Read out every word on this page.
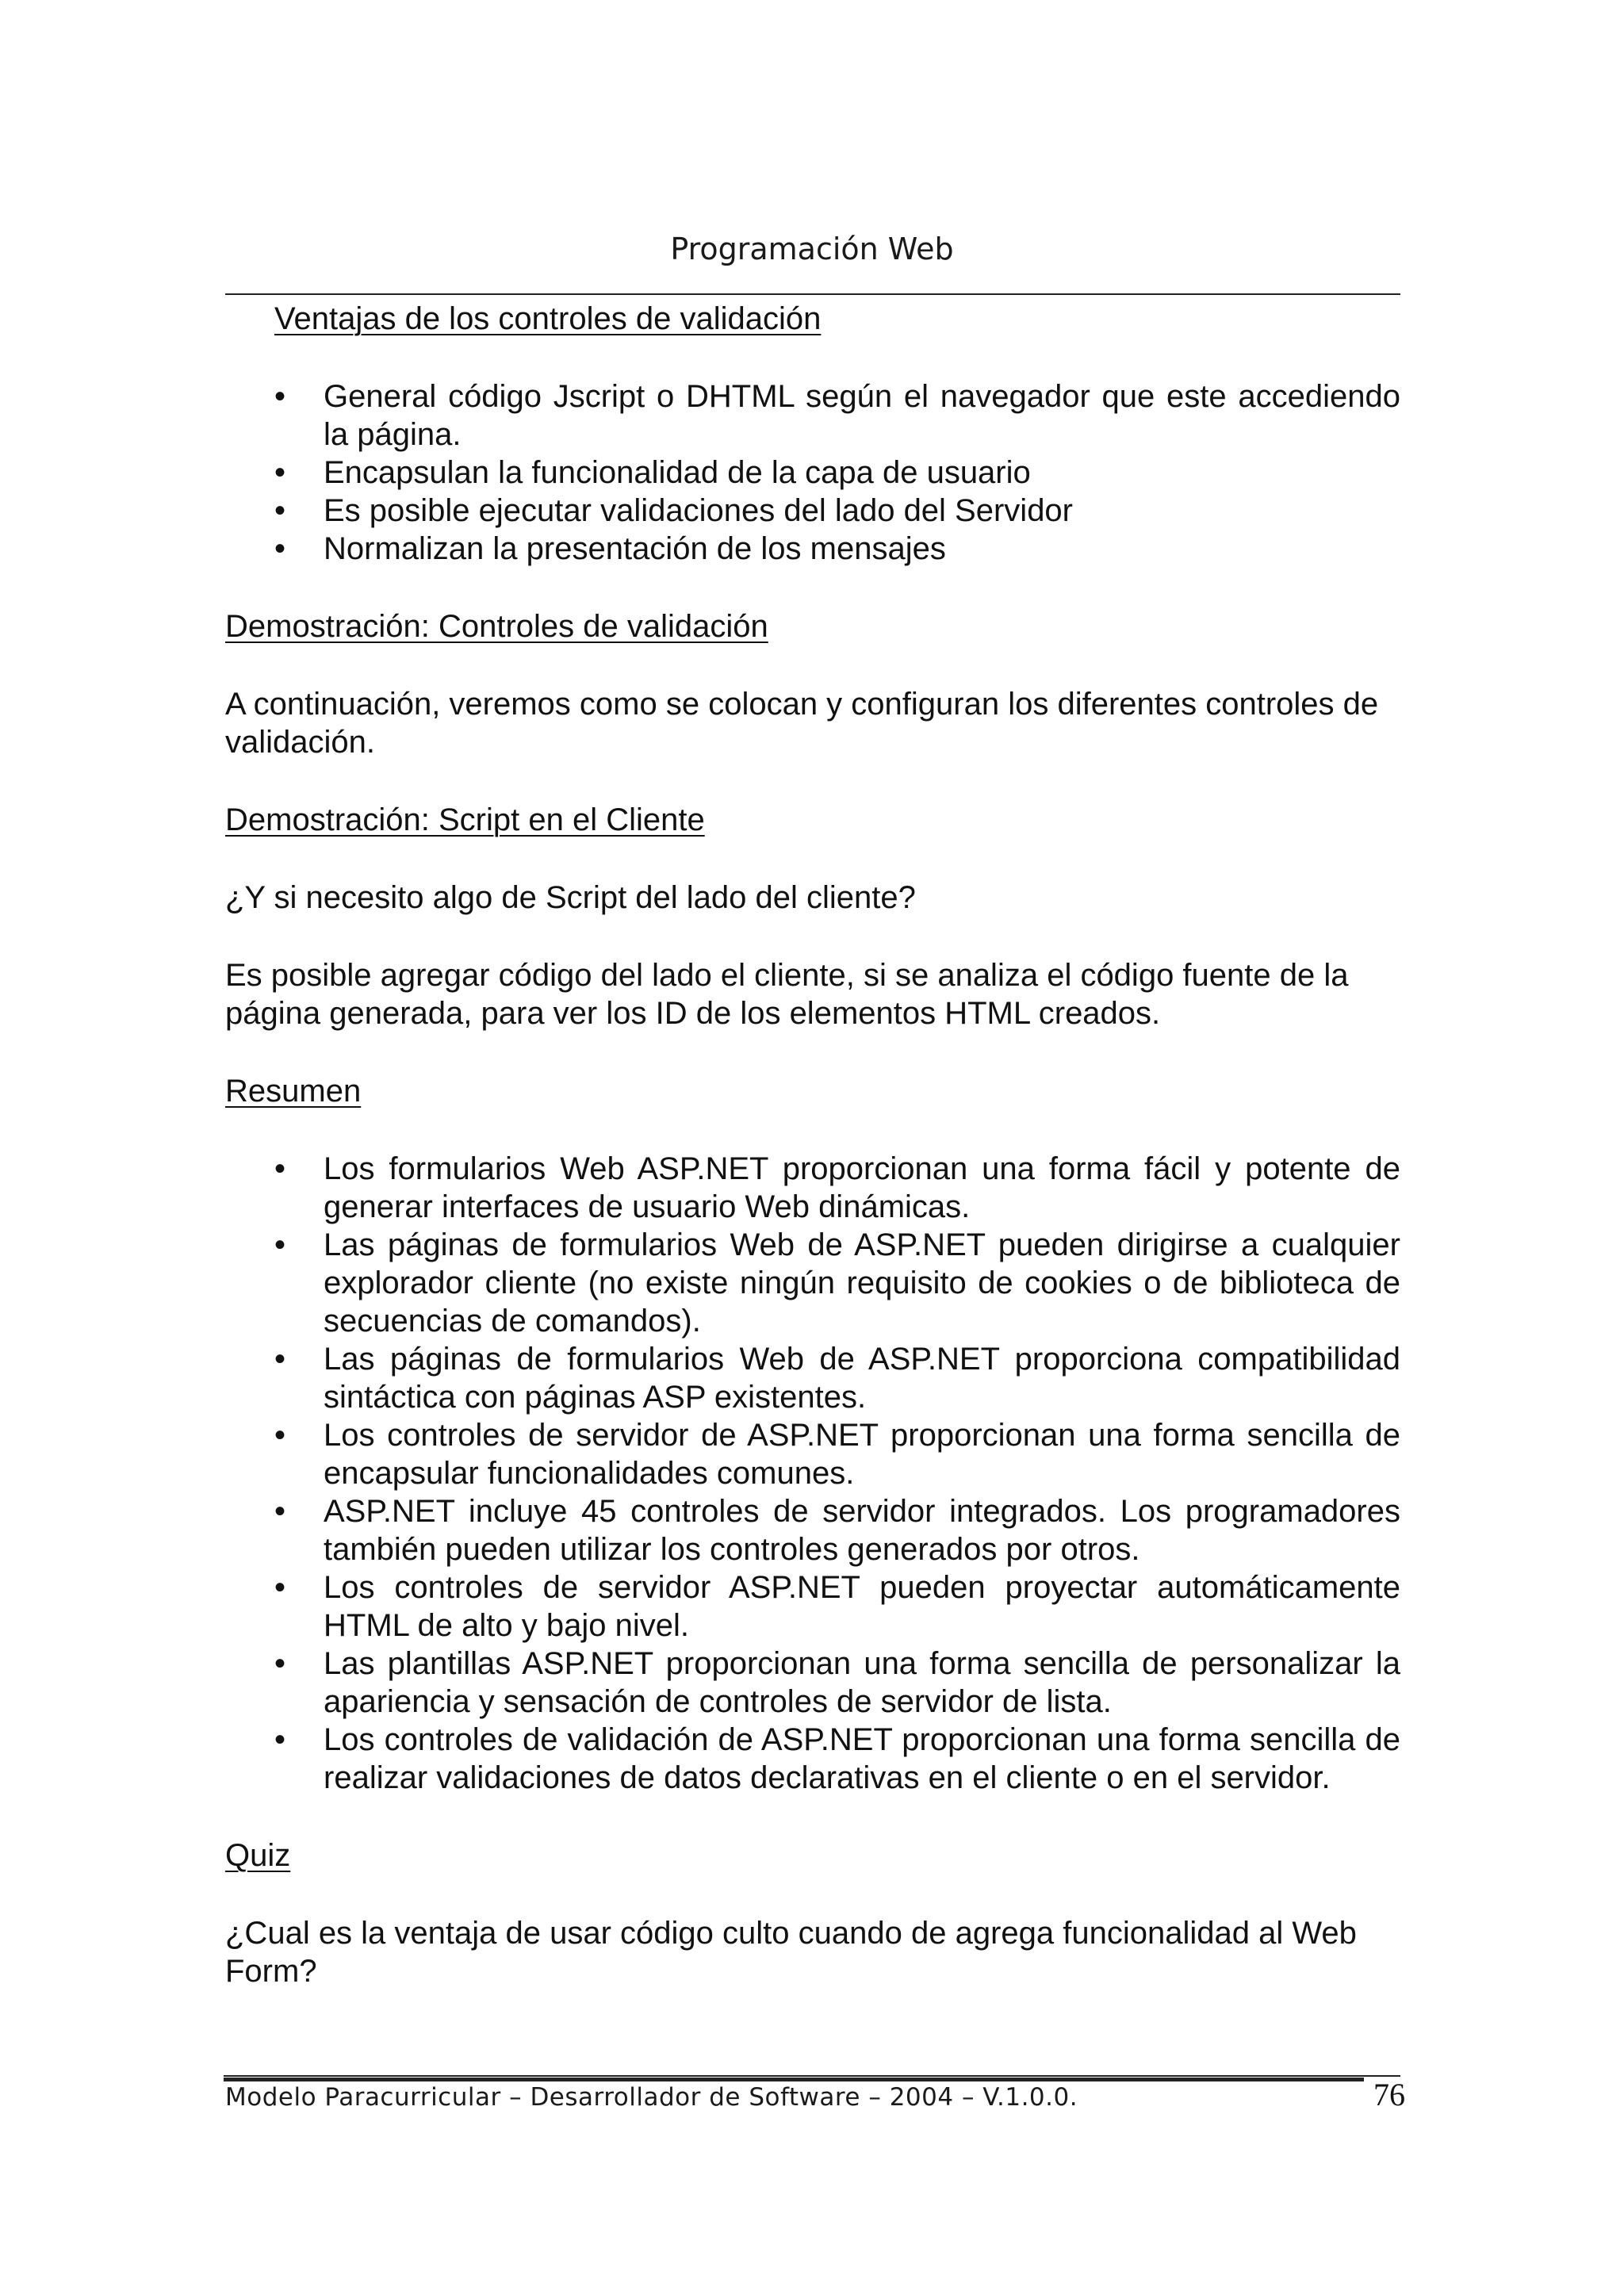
Programación Web
Ventajas de los controles de validación
•	General código Jscript o DHTML según el navegador que este accediendo la página.
•	Encapsulan la funcionalidad de la capa de usuario
•	Es posible ejecutar validaciones del lado del Servidor
•	Normalizan la presentación de los mensajes
Demostración: Controles de validación

A continuación, veremos como se colocan y configuran los diferentes controles de validación.

Demostración: Script en el Cliente

¿Y si necesito algo de Script del lado del cliente?

Es posible agregar código del lado el cliente, si se analiza el código fuente de la página generada, para ver los ID de los elementos HTML creados.

Resumen
•	Los formularios Web ASP.NET proporcionan una forma fácil y potente de generar interfaces de usuario Web dinámicas.
•	Las páginas de formularios Web de ASP.NET pueden dirigirse a cualquier explorador cliente (no existe ningún requisito de cookies o de biblioteca de secuencias de comandos).
•	Las páginas de formularios Web de ASP.NET proporciona compatibilidad sintáctica con páginas ASP existentes.
•	Los controles de servidor de ASP.NET proporcionan una forma sencilla de encapsular funcionalidades comunes.
•	ASP.NET incluye 45 controles de servidor integrados. Los programadores también pueden utilizar los controles generados por otros.
•	Los controles de servidor ASP.NET pueden proyectar automáticamente HTML de alto y bajo nivel.
•	Las plantillas ASP.NET proporcionan una forma sencilla de personalizar la apariencia y sensación de controles de servidor de lista.
•	Los controles de validación de ASP.NET proporcionan una forma sencilla de realizar validaciones de datos declarativas en el cliente o en el servidor.
Quiz

¿Cual es la ventaja de usar código culto cuando de agrega funcionalidad al Web Form?

Modelo Paracurricular – Desarrollador de Software – 2004 – V.1.0.0.	76
